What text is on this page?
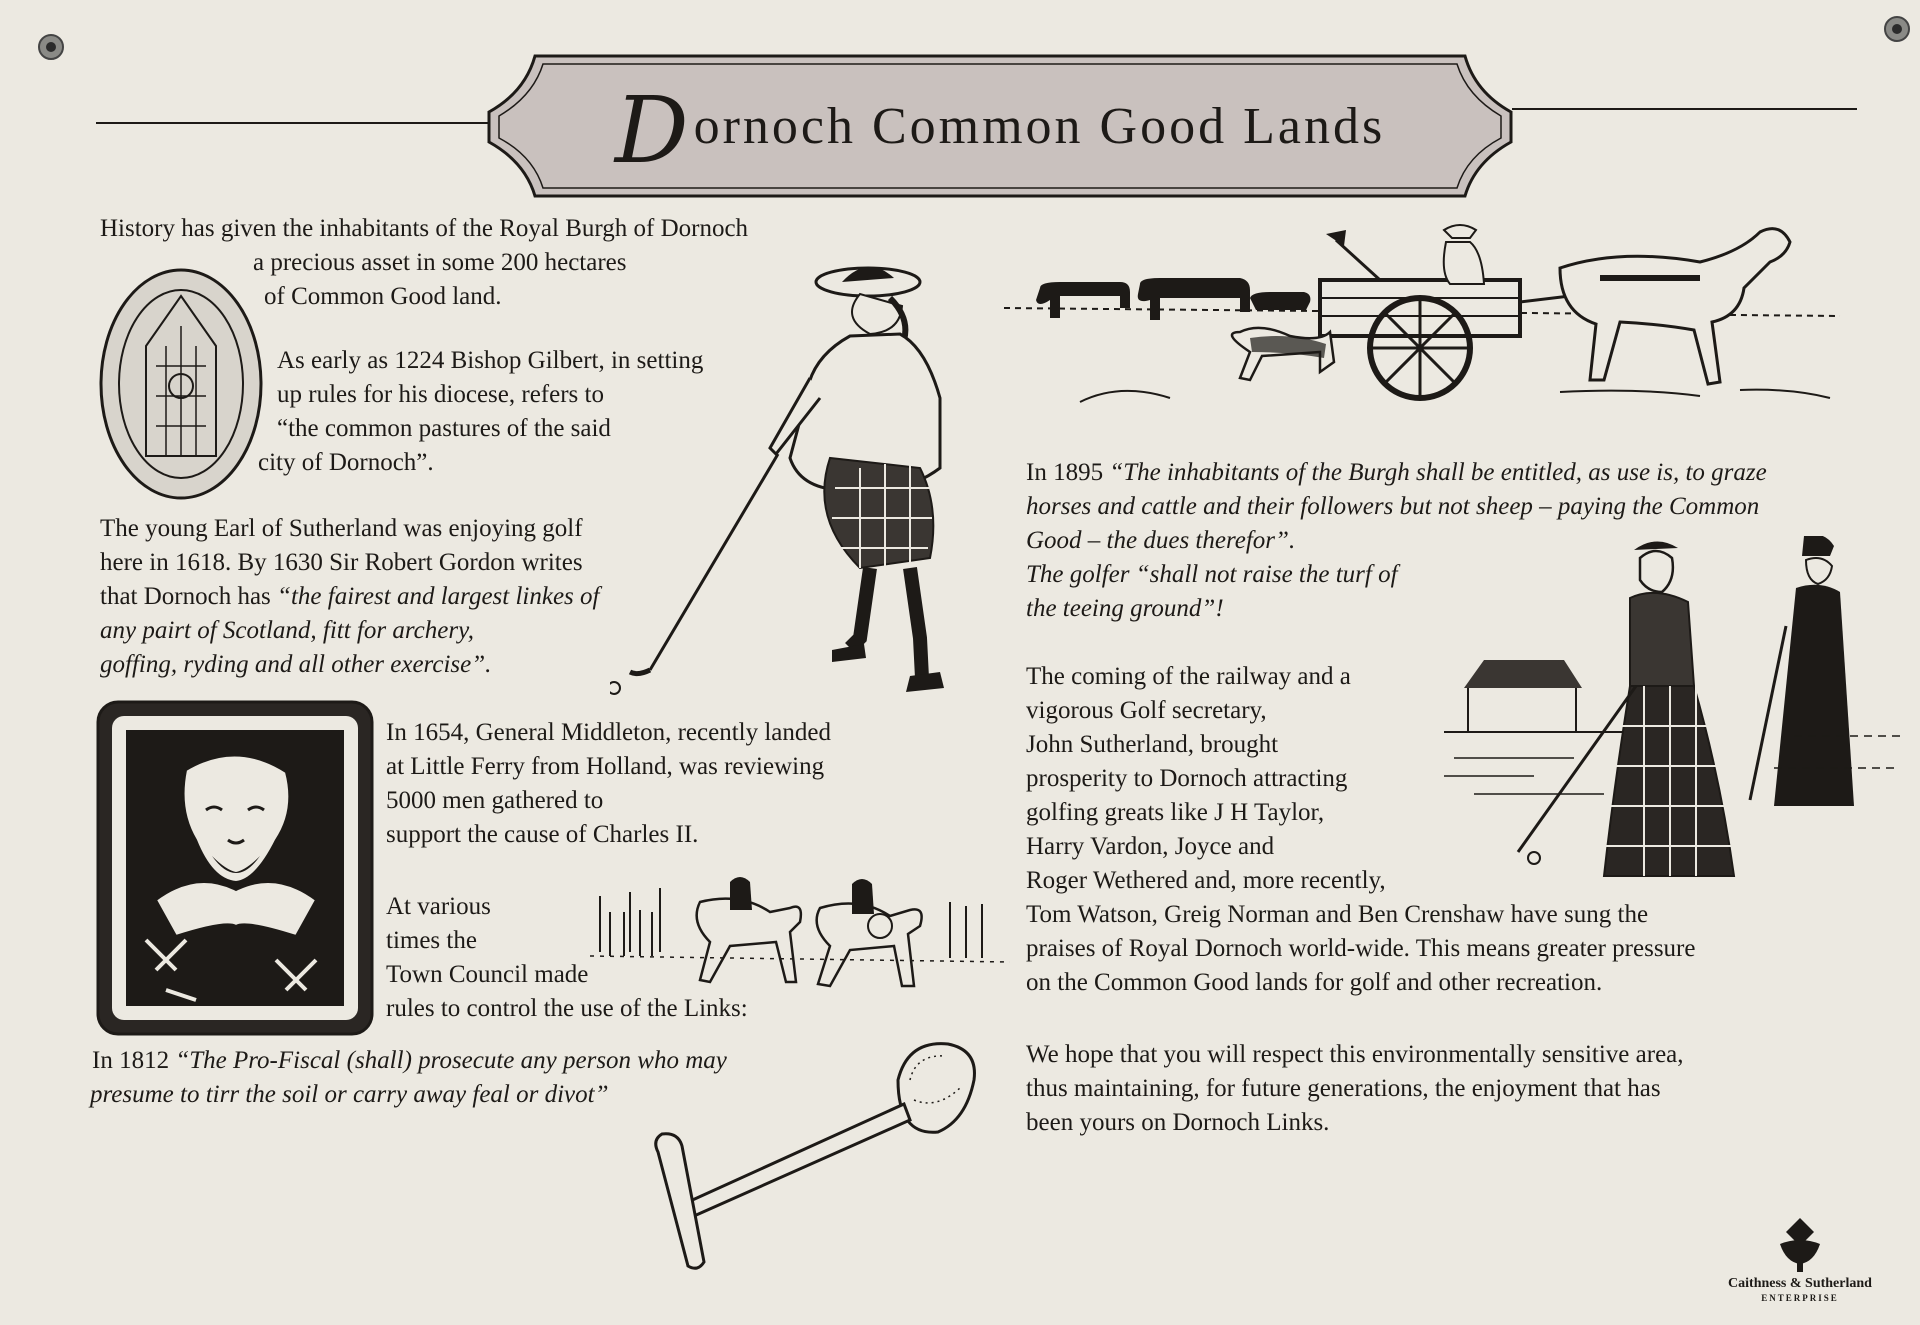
D ornoch Common Good Lands
History has given the inhabitants of the Royal Burgh of Dornoch
a precious asset in some 200 hectares
of Common Good land.
As early as 1224 Bishop Gilbert, in setting
up rules for his diocese, refers to
“the common pastures of the said
city of Dornoch”.
The young Earl of Sutherland was enjoying golf
here in 1618. By 1630 Sir Robert Gordon writes
that Dornoch has “the fairest and largest linkes of
any pairt of Scotland, fitt for archery,
goffing, ryding and all other exercise”.
In 1654, General Middleton, recently landed
at Little Ferry from Holland, was reviewing
5000 men gathered to
support the cause of Charles II.
At various
times the
Town Council made
rules to control the use of the Links:
In 1812 “The Pro-Fiscal (shall) prosecute any person who may
presume to tirr the soil or carry away feal or divot”
In 1895 “The inhabitants of the Burgh shall be entitled, as use is, to graze
horses and cattle and their followers but not sheep – paying the Common
Good – the dues therefor”.
The golfer “shall not raise the turf of
the teeing ground”!
The coming of the railway and a
vigorous Golf secretary,
John Sutherland, brought
prosperity to Dornoch attracting
golfing greats like J H Taylor,
Harry Vardon, Joyce and
Roger Wethered and, more recently,
Tom Watson, Greig Norman and Ben Crenshaw have sung the
praises of Royal Dornoch world-wide. This means greater pressure
on the Common Good lands for golf and other recreation.
We hope that you will respect this environmentally sensitive area,
thus maintaining, for future generations, the enjoyment that has
been yours on Dornoch Links.
Caithness & Sutherland
ENTERPRISE
